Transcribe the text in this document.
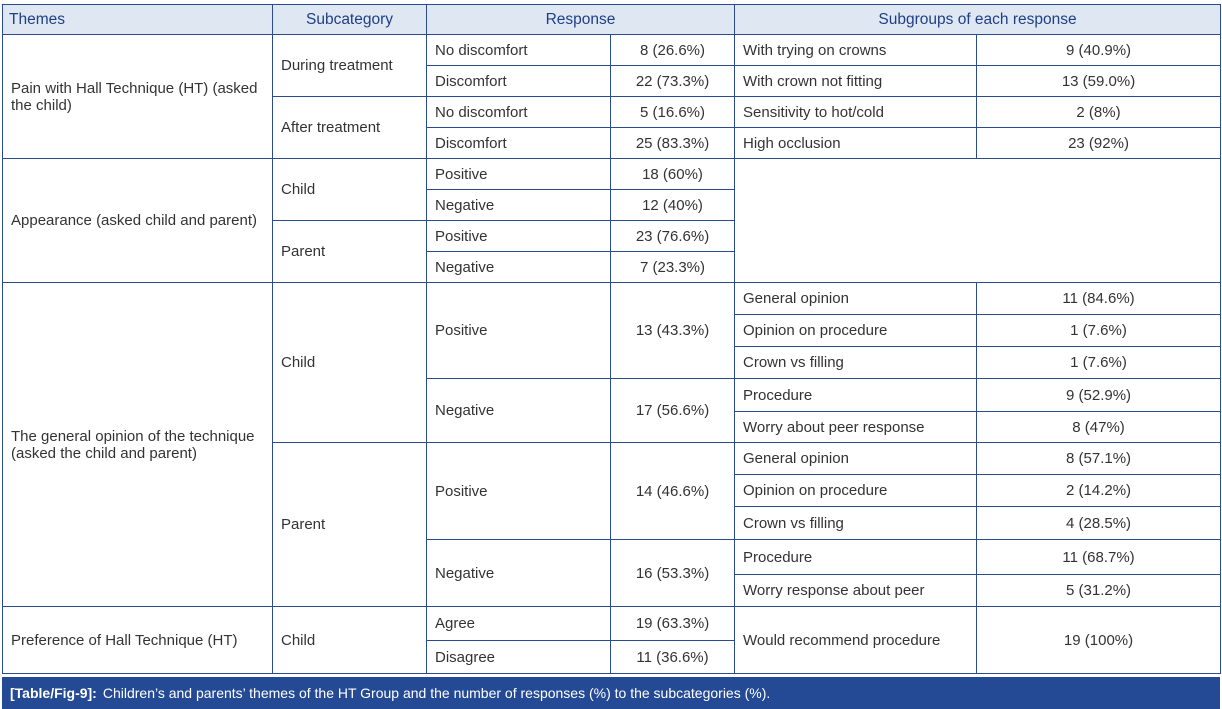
Themes	Subcategory	Response		Subgroups of each response	
Pain with Hall Technique (HT) (asked the child)	During treatment	No discomfort	8 (26.6%)	With trying on crowns	9 (40.9%)
		Discomfort	22 (73.3%)	With crown not fitting	13 (59.0%)
	After treatment	No discomfort	5 (16.6%)	Sensitivity to hot/cold	2 (8%)
		Discomfort	25 (83.3%)	High occlusion	23 (92%)
Appearance (asked child and parent)	Child	Positive	18 (60%)		
		Negative	12 (40%)		
	Parent	Positive	23 (76.6%)		
		Negative	7 (23.3%)		
The general opinion of the technique (asked the child and parent)	Child	Positive	13 (43.3%)	General opinion	11 (84.6%)
				Opinion on procedure	1 (7.6%)
				Crown vs filling	1 (7.6%)
		Negative	17 (56.6%)	Procedure	9 (52.9%)
				Worry about peer response	8 (47%)
	Parent	Positive	14 (46.6%)	General opinion	8 (57.1%)
				Opinion on procedure	2 (14.2%)
				Crown vs filling	4 (28.5%)
		Negative	16 (53.3%)	Procedure	11 (68.7%)
				Worry response about peer	5 (31.2%)
Preference of Hall Technique (HT)	Child	Agree	19 (63.3%)	Would recommend procedure	19 (100%)
		Disagree	11 (36.6%)		
[Table/Fig-9]: Children’s and parents’ themes of the HT Group and the number of responses (%) to the subcategories (%).
